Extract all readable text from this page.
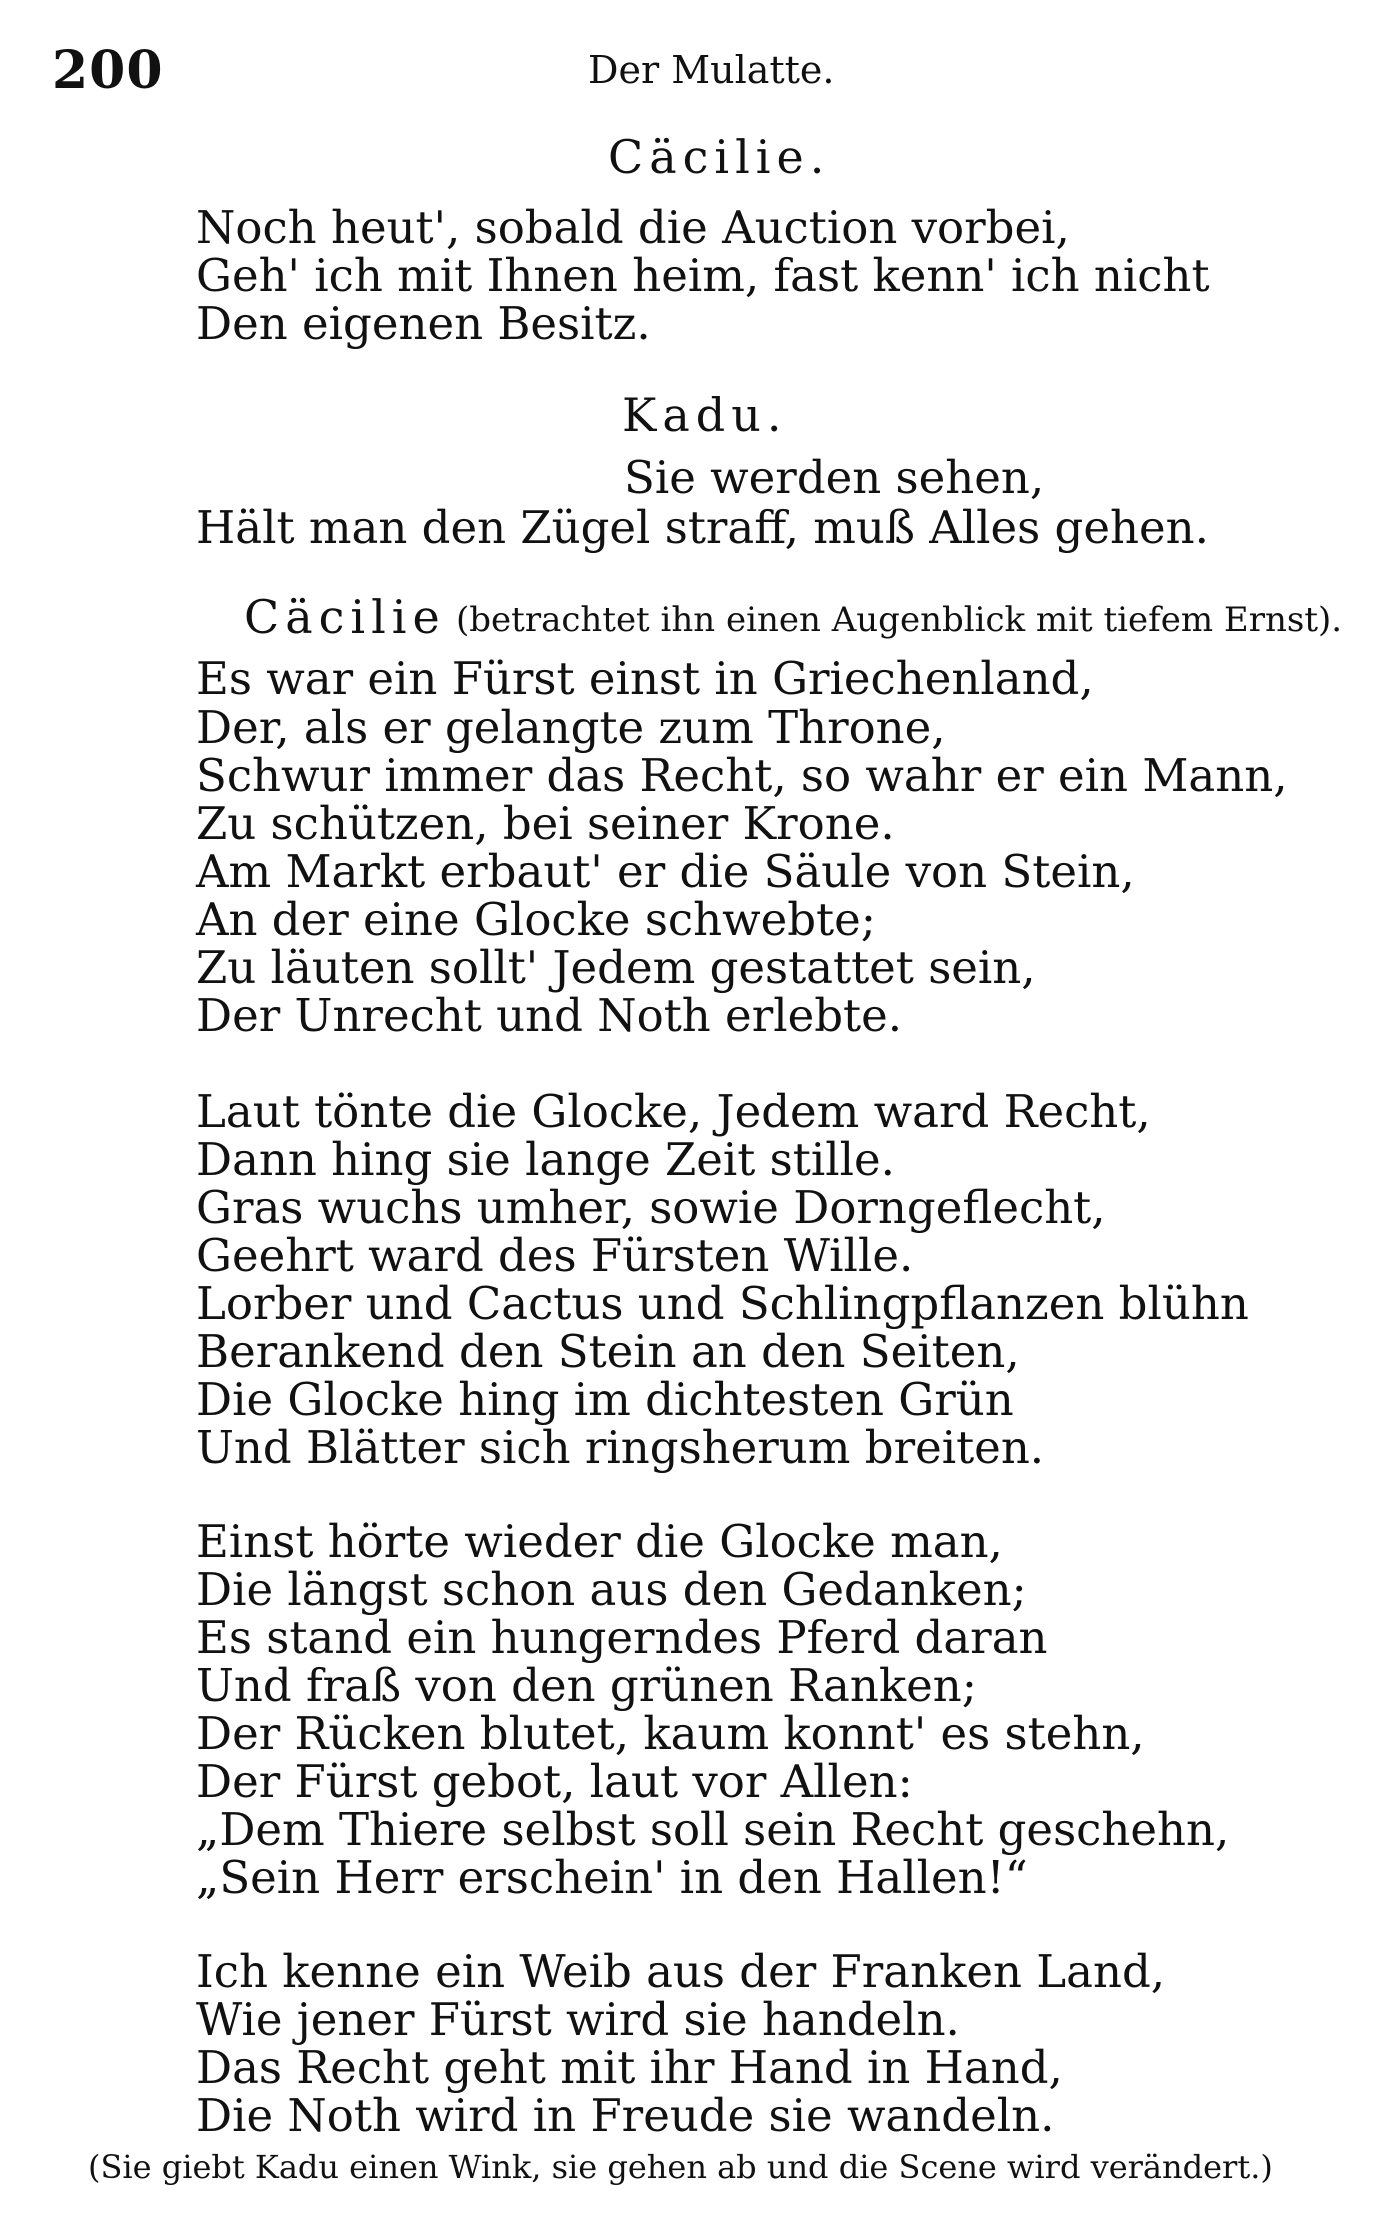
200	Der Mulatte.
Cäcilie.
Noch heut', sobald die Auction vorbei,
Geh' ich mit Ihnen heim, fast kenn' ich nicht
Den eigenen Besitz.
Kadu.
Sie werden sehen,
Hält man den Zügel straff, muß Alles gehen.
Cäcilie (betrachtet ihn einen Augenblick mit tiefem Ernst).
Es war ein Fürst einst in Griechenland,
Der, als er gelangte zum Throne,
Schwur immer das Recht, so wahr er ein Mann,
Zu schützen, bei seiner Krone.
Am Markt erbaut' er die Säule von Stein,
An der eine Glocke schwebte;
Zu läuten sollt' Jedem gestattet sein,
Der Unrecht und Noth erlebte.
Laut tönte die Glocke, Jedem ward Recht,
Dann hing sie lange Zeit stille.
Gras wuchs umher, sowie Dorngeflecht,
Geehrt ward des Fürsten Wille.
Lorber und Cactus und Schlingpflanzen blühn
Berankend den Stein an den Seiten,
Die Glocke hing im dichtesten Grün
Und Blätter sich ringsherum breiten.
Einst hörte wieder die Glocke man,
Die längst schon aus den Gedanken;
Es stand ein hungerndes Pferd daran
Und fraß von den grünen Ranken;
Der Rücken blutet, kaum konnt' es stehn,
Der Fürst gebot, laut vor Allen:
„Dem Thiere selbst soll sein Recht geschehn,
„Sein Herr erschein' in den Hallen!“
Ich kenne ein Weib aus der Franken Land,
Wie jener Fürst wird sie handeln.
Das Recht geht mit ihr Hand in Hand,
Die Noth wird in Freude sie wandeln.
(Sie giebt Kadu einen Wink, sie gehen ab und die Scene wird verändert.)
